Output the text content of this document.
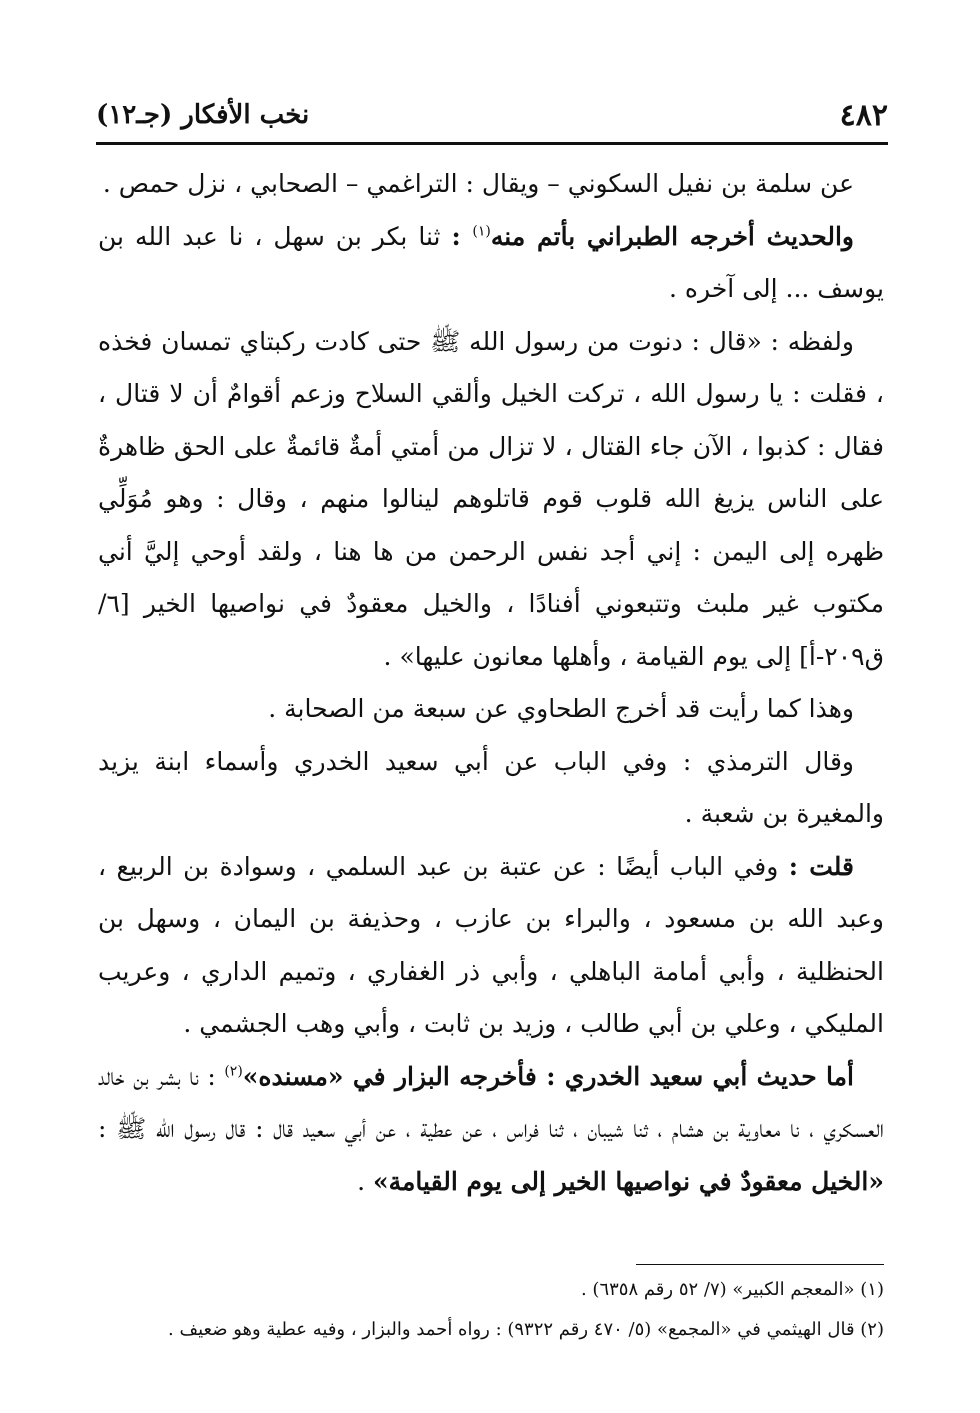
٤٨٢
نخب الأفكار (جـ١٢)

عن سلمة بن نفيل السكوني – ويقال : التراغمي – الصحابي ، نزل حمص .

والحديث أخرجه الطبراني بأتم منه$^{(١)}$ : ثنا بكر بن سهل ، نا عبد الله بن يوسف ... إلى آخره .

ولفظه : «قال : دنوت من رسول الله ﷺ حتى كادت ركبتاي تمسان فخذه ، فقلت : يا رسول الله ، تركت الخيل وألقي السلاح وزعم أقوامٌ أن لا قتال ، فقال : كذبوا ، الآن جاء القتال ، لا تزال من أمتي أمةٌ قائمةٌ على الحق ظاهرةٌ على الناس يزيغ الله قلوب قوم قاتلوهم لينالوا منهم ، وقال : وهو مُوَلِّي ظهره إلى اليمن : إني أجد نفس الرحمن من ها هنا ، ولقد أوحي إليَّ أني مكتوب غير ملبث وتتبعوني أفنادًا ، والخيل معقودٌ في نواصيها الخير [٦/ ق٢٠٩-أ] إلى يوم القيامة ، وأهلها معانون عليها» .

وهذا كما رأيت قد أخرج الطحاوي عن سبعة من الصحابة .

وقال الترمذي : وفي الباب عن أبي سعيد الخدري وأسماء ابنة يزيد والمغيرة بن شعبة .

قلت : وفي الباب أيضًا : عن عتبة بن عبد السلمي ، وسوادة بن الربيع ، وعبد الله بن مسعود ، والبراء بن عازب ، وحذيفة بن اليمان ، وسهل بن الحنظلية ، وأبي أمامة الباهلي ، وأبي ذر الغفاري ، وتميم الداري ، وعريب المليكي ، وعلي بن أبي طالب ، وزيد بن ثابت ، وأبي وهب الجشمي .

أما حديث أبي سعيد الخدري : فأخرجه البزار في «مسنده»$^{(٢)}$ : نا بشر بن خالد العسكري ، نا معاوية بن هشام ، ثنا شيبان ، ثنا فراس ، عن عطية ، عن أبي سعيد قال : قال رسول الله ﷺ : «الخيل معقودٌ في نواصيها الخير إلى يوم القيامة» .

(١) «المعجم الكبير» (٧/ ٥٢ رقم ٦٣٥٨) .

(٢) قال الهيثمي في «المجمع» (٥/ ٤٧٠ رقم ٩٣٢٢) : رواه أحمد والبزار ، وفيه عطية وهو ضعيف .
